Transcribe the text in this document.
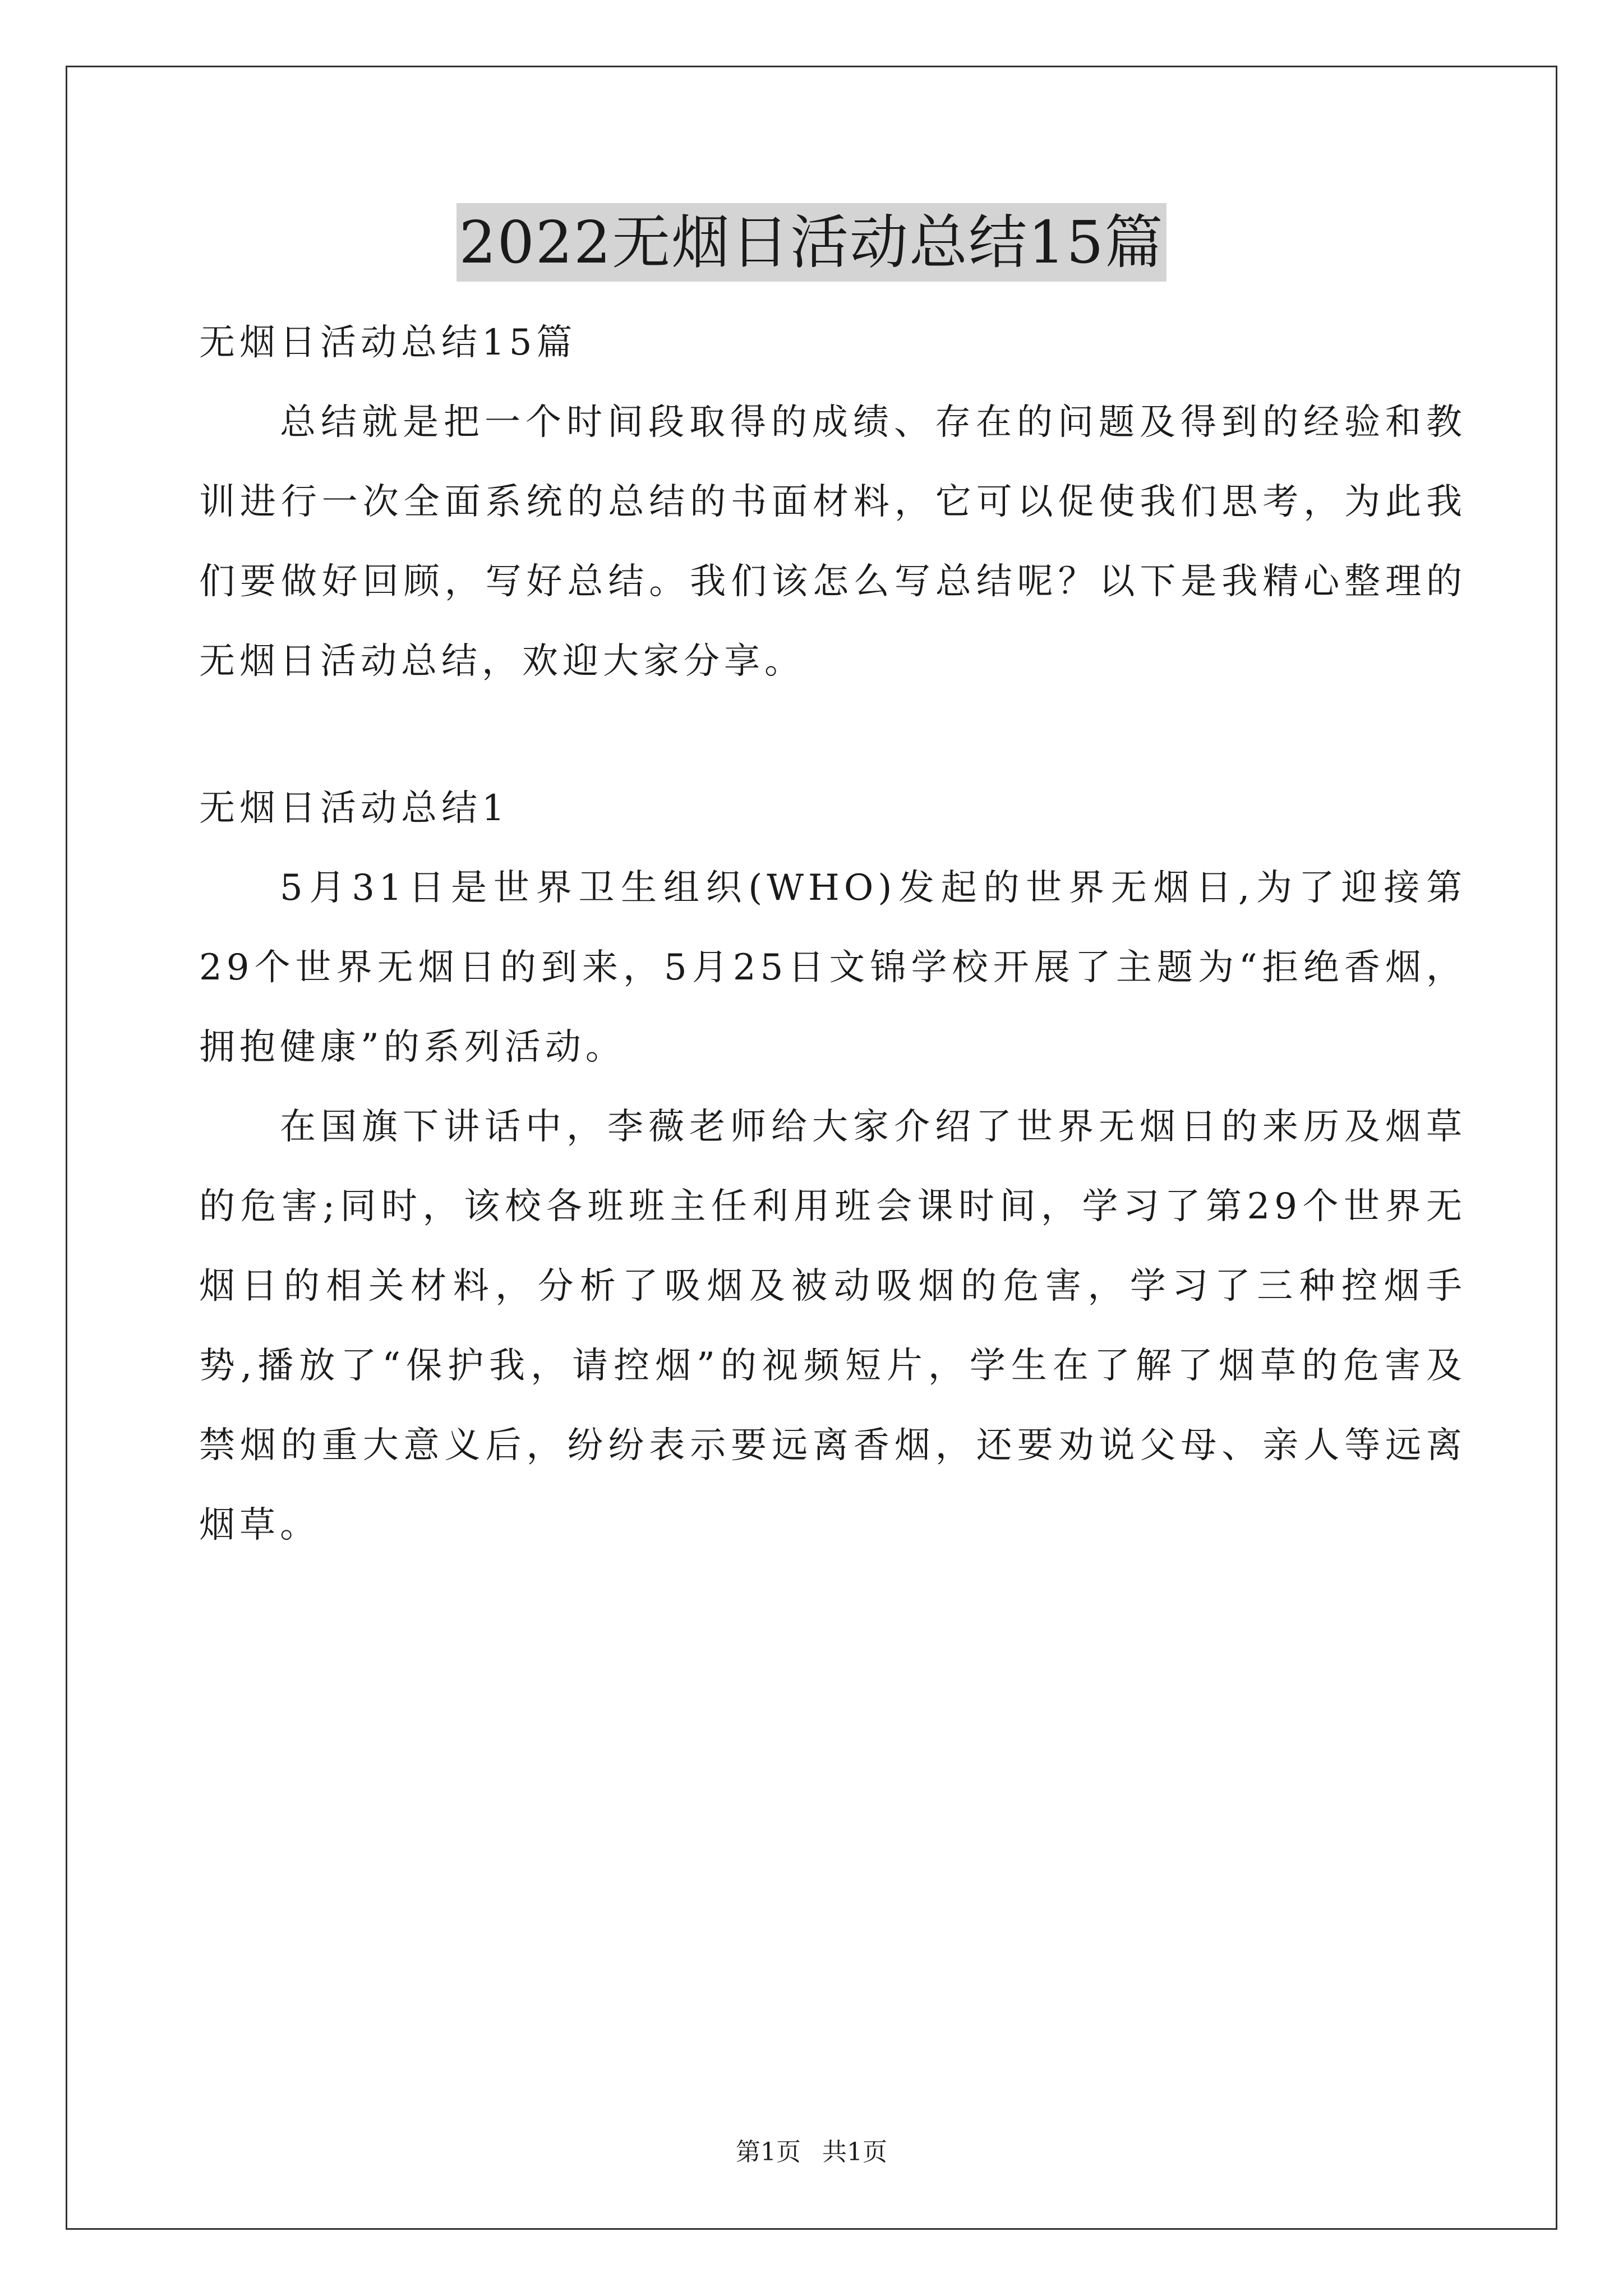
2022无烟日活动总结15篇

无烟日活动总结15篇

总结就是把一个时间段取得的成绩、存在的问题及得到的经验和教训进行一次全面系统的总结的书面材料，它可以促使我们思考，为此我们要做好回顾，写好总结。我们该怎么写总结呢？以下是我精心整理的无烟日活动总结，欢迎大家分享。

无烟日活动总结1

5月31日是世界卫生组织(WHO)发起的世界无烟日,为了迎接第29个世界无烟日的到来，5月25日文锦学校开展了主题为“拒绝香烟，拥抱健康”的系列活动。

在国旗下讲话中，李薇老师给大家介绍了世界无烟日的来历及烟草的危害;同时，该校各班班主任利用班会课时间，学习了第29个世界无烟日的相关材料，分析了吸烟及被动吸烟的危害，学习了三种控烟手势,播放了“保护我，请控烟”的视频短片，学生在了解了烟草的危害及禁烟的重大意义后，纷纷表示要远离香烟，还要劝说父母、亲人等远离烟草。

第1页 共1页
